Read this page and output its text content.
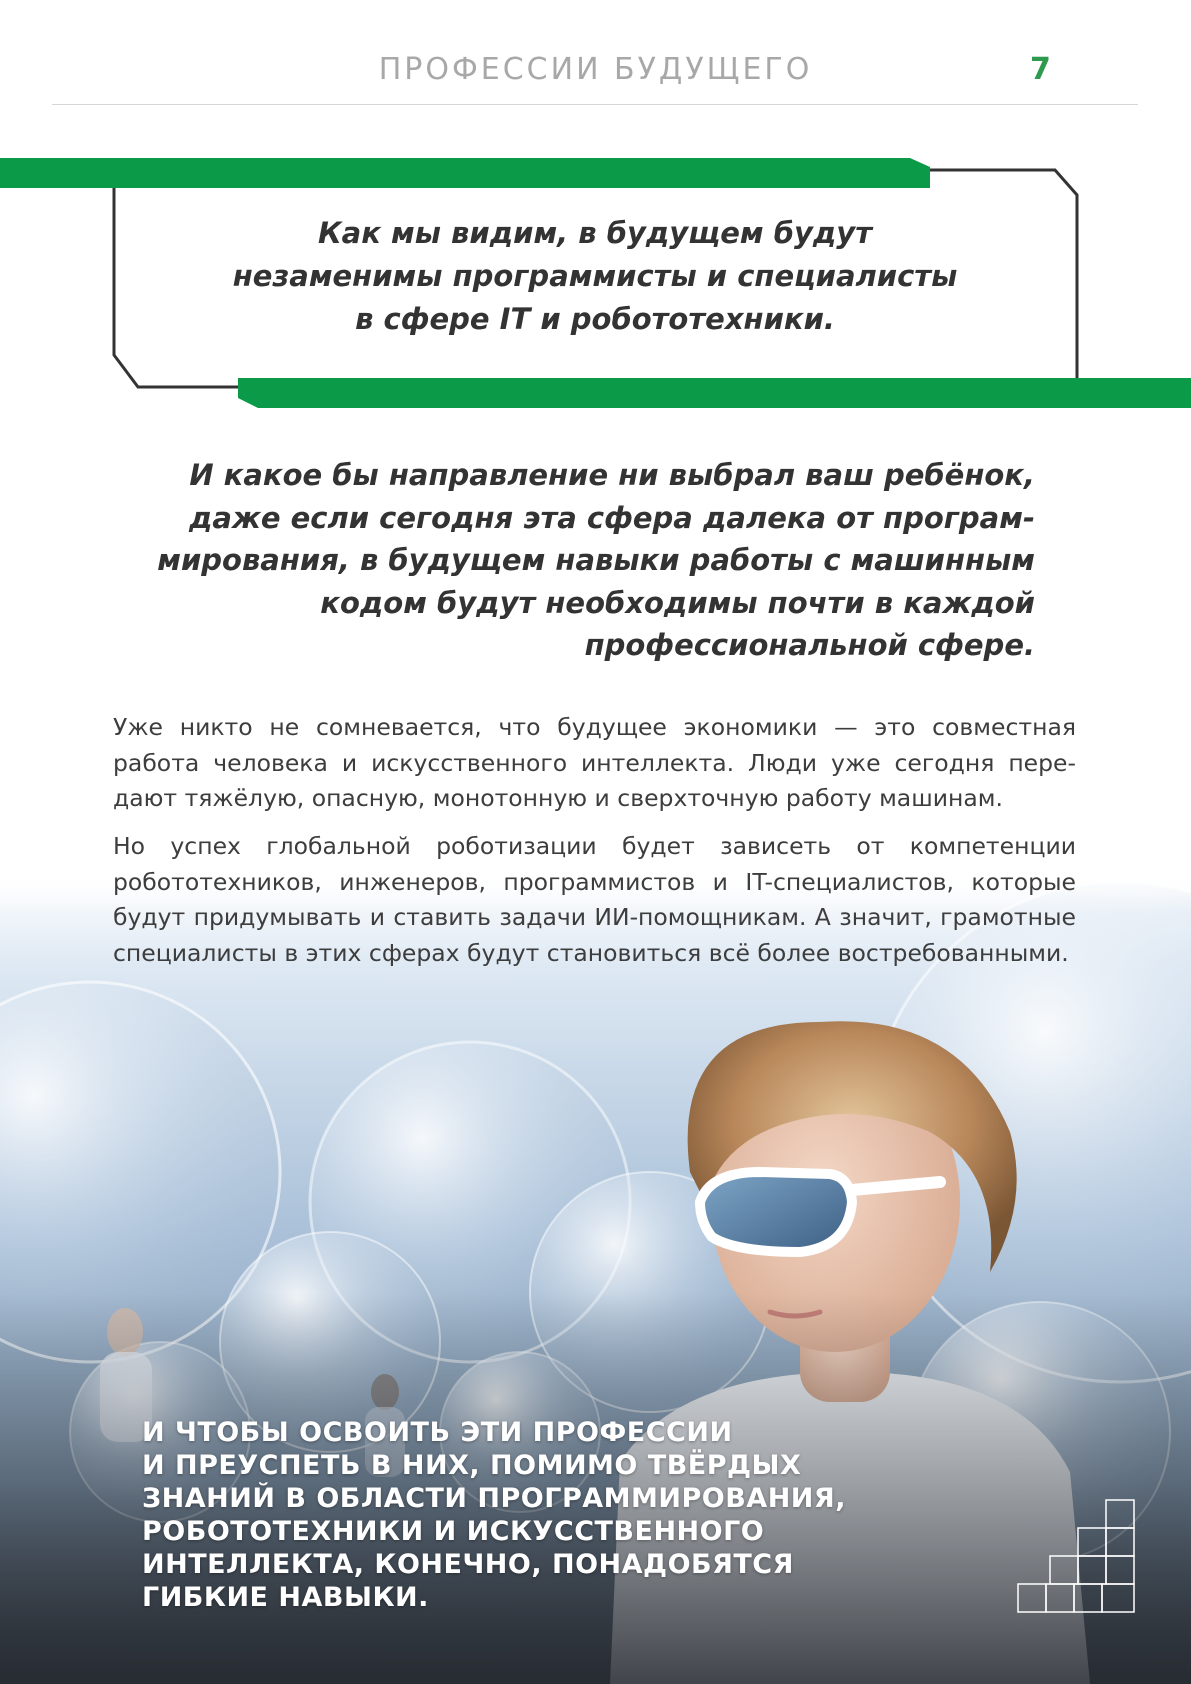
ПРОФЕССИИ БУДУЩЕГО	7
Как мы видим, в будущем будут
незаменимы программисты и специалисты
в сфере IT и робототехники.
И какое бы направление ни выбрал ваш ребёнок,
даже если сегодня эта сфера далека от програм-
мирования, в будущем навыки работы с машинным
кодом будут необходимы почти в каждой
профессиональной сфере.

Уже никто не сомневается, что будущее экономики — это совместная работа человека и искусственного интеллекта. Люди уже сегодня пере-дают тяжёлую, опасную, монотонную и сверхточную работу машинам.

Но успех глобальной роботизации будет зависеть от компетенции робототехников, инженеров, программистов и IT-специалистов, которые будут придумывать и ставить задачи ИИ-помощникам. А значит, грамотные специалисты в этих сферах будут становиться всё более востребованными.

И ЧТОБЫ ОСВОИТЬ ЭТИ ПРОФЕССИИ
И ПРЕУСПЕТЬ В НИХ, ПОМИМО ТВЁРДЫХ
ЗНАНИЙ В ОБЛАСТИ ПРОГРАММИРОВАНИЯ,
РОБОТОТЕХНИКИ И ИСКУССТВЕННОГО
ИНТЕЛЛЕКТА, КОНЕЧНО, ПОНАДОБЯТСЯ
ГИБКИЕ НАВЫКИ.
